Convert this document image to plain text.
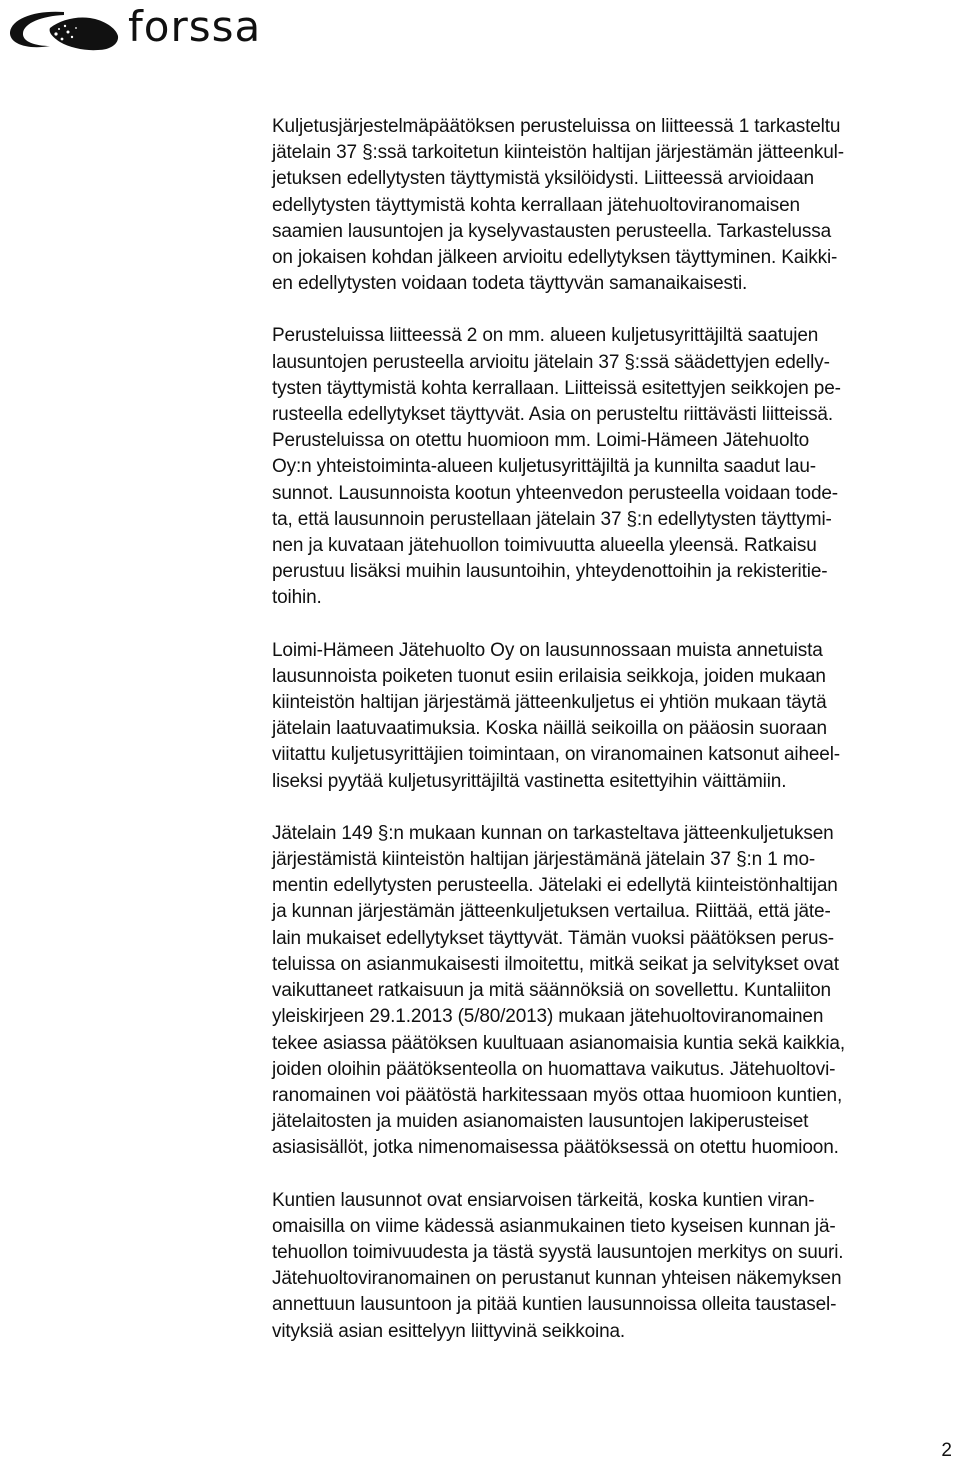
forssa

Kuljetusjärjestelmäpäätöksen perusteluissa on liitteessä 1 tarkasteltu
jätelain 37 §:ssä tarkoitetun kiinteistön haltijan järjestämän jätteenkul-
jetuksen edellytysten täyttymistä yksilöidysti. Liitteessä arvioidaan
edellytysten täyttymistä kohta kerrallaan jätehuoltoviranomaisen
saamien lausuntojen ja kyselyvastausten perusteella. Tarkastelussa
on jokaisen kohdan jälkeen arvioitu edellytyksen täyttyminen. Kaikki-
en edellytysten voidaan todeta täyttyvän samanaikaisesti.

Perusteluissa liitteessä 2 on mm. alueen kuljetusyrittäjiltä saatujen
lausuntojen perusteella arvioitu jätelain 37 §:ssä säädettyjen edelly-
tysten täyttymistä kohta kerrallaan. Liitteissä esitettyjen seikkojen pe-
rusteella edellytykset täyttyvät. Asia on perusteltu riittävästi liitteissä.
Perusteluissa on otettu huomioon mm. Loimi-Hämeen Jätehuolto
Oy:n yhteistoiminta-alueen kuljetusyrittäjiltä ja kunnilta saadut lau-
sunnot. Lausunnoista kootun yhteenvedon perusteella voidaan tode-
ta, että lausunnoin perustellaan jätelain 37 §:n edellytysten täyttymi-
nen ja kuvataan jätehuollon toimivuutta alueella yleensä. Ratkaisu
perustuu lisäksi muihin lausuntoihin, yhteydenottoihin ja rekisteritie-
toihin.

Loimi-Hämeen Jätehuolto Oy on lausunnossaan muista annetuista
lausunnoista poiketen tuonut esiin erilaisia seikkoja, joiden mukaan
kiinteistön haltijan järjestämä jätteenkuljetus ei yhtiön mukaan täytä
jätelain laatuvaatimuksia. Koska näillä seikoilla on pääosin suoraan
viitattu kuljetusyrittäjien toimintaan, on viranomainen katsonut aiheel-
liseksi pyytää kuljetusyrittäjiltä vastinetta esitettyihin väittämiin.

Jätelain 149 §:n mukaan kunnan on tarkasteltava jätteenkuljetuksen
järjestämistä kiinteistön haltijan järjestämänä jätelain 37 §:n 1 mo-
mentin edellytysten perusteella. Jätelaki ei edellytä kiinteistönhaltijan
ja kunnan järjestämän jätteenkuljetuksen vertailua. Riittää, että jäte-
lain mukaiset edellytykset täyttyvät. Tämän vuoksi päätöksen perus-
teluissa on asianmukaisesti ilmoitettu, mitkä seikat ja selvitykset ovat
vaikuttaneet ratkaisuun ja mitä säännöksiä on sovellettu. Kuntaliiton
yleiskirjeen 29.1.2013 (5/80/2013) mukaan jätehuoltoviranomainen
tekee asiassa päätöksen kuultuaan asianomaisia kuntia sekä kaikkia,
joiden oloihin päätöksenteolla on huomattava vaikutus. Jätehuoltovi-
ranomainen voi päätöstä harkitessaan myös ottaa huomioon kuntien,
jätelaitosten ja muiden asianomaisten lausuntojen lakiperusteiset
asiasisällöt, jotka nimenomaisessa päätöksessä on otettu huomioon.

Kuntien lausunnot ovat ensiarvoisen tärkeitä, koska kuntien viran-
omaisilla on viime kädessä asianmukainen tieto kyseisen kunnan jä-
tehuollon toimivuudesta ja tästä syystä lausuntojen merkitys on suuri.
Jätehuoltoviranomainen on perustanut kunnan yhteisen näkemyksen
annettuun lausuntoon ja pitää kuntien lausunnoissa olleita taustasel-
vityksiä asian esittelyyn liittyvinä seikkoina.

2
